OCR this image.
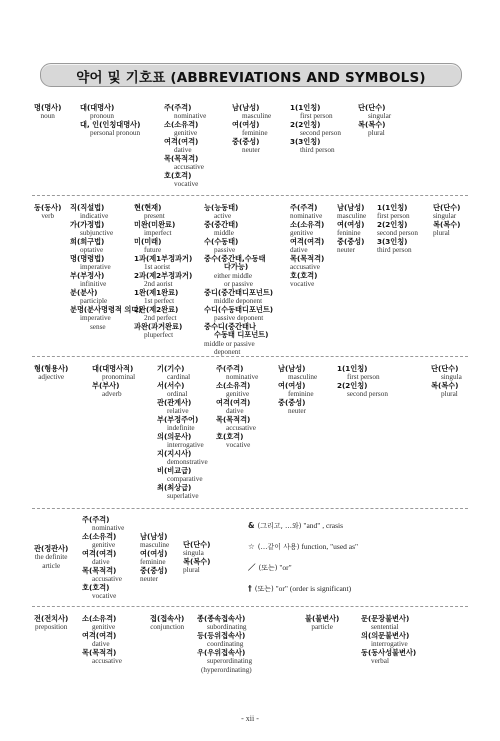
약어 및 기호표 (ABBREVIATIONS AND SYMBOLS)
명(명사)
noun
대(대명사)
pronoun
대, 인(인칭대명사)
personal pronoun
주(주격)
nominative
소(소유격)
genitive
여격(여격)
dative
목(목적격)
accusative
호(호격)
vocative
남(남성)
masculine
여(여성)
feminine
중(중성)
neuter
1(1인칭)
first person
2(2인칭)
second person
3(3인칭)
third person
단(단수)
singular
복(복수)
plural
동(동사)
verb
직(직설법)
indicative
가(가정법)
subjunctive
희(희구법)
optative
명(명령법)
imperative
부(부정사)
infinitive
분(분사)
participle
분명(분사명령적 의미)
imperative
sense
현(현재)
present
미완(미완료)
imperfect
미(미래)
future
1과(제1부정과거)
1st aorist
2과(제2부정과거)
2nd aorist
1완(제1완료)
1st perfect
2완(제2완료)
2nd perfect
과완(과거완료)
pluperfect
능(능동태)
active
중(중간태)
middle
수(수동태)
passive
중수(중간태,수동태
다가능)
either middle
or passive
중디(중간태디포넌트)
middle deponent
수디(수동태디포넌트)
passive deponent
중수디(중간태나
수동태 디포넌트)
middle or passive
deponent
주(주격)
nominative
소(소유격)
genitive
여격(여격)
dative
목(목적격)
accusative
호(호격)
vocative
남(남성)
masculine
여(여성)
feninine
중(중성)
neuter
1(1인칭)
first person
2(2인칭)
second person
3(3인칭)
third person
단(단수)
singular
복(복수)
plural
형(형용사)
adjective
대(대명사적)
pronominal
부(부사)
adverb
기(기수)
cardinal
서(서수)
ordinal
관(관계사)
relative
부(부정주어)
indefinite
의(의문사)
interrogative
지(지시사)
demonstrative
비(비교급)
comparative
최(최상급)
superlative
주(주격)
nominative
소(소유격)
genitive
여격(여격)
dative
목(목적격)
accusative
호(호격)
vocative
남(남성)
masculine
여(여성)
feminine
중(중성)
neuter
1(1인칭)
first person
2(2인칭)
second person
단(단수)
singula
복(복수)
plural
관(정관사)
the definite
article
주(주격)
nominative
소(소유격)
genitive
여격(여격)
dative
목(목적격)
accusative
호(호격)
vocative
남(남성)
masculine
여(여성)
feminine
중(중성)
neuter
단(단수)
singula
복(복수)
plural
& (그리고, …와) "and" , crasis
☆ (…같이 사용) function, "used as"
／ (또는) "or"
† (또는) "or" (order is significant)
전(전치사)
preposition
소(소유격)
genitive
여격(여격)
dative
목(목적격)
accusative
접(접속사)
conjunction
종(종속접속사)
subordinating
등(등위접속사)
coordinating
우(우위접속사)
superordinating
(hyperordinating)
불(불변사)
particle
문(문장불변사)
sentential
의(의문불변사)
interrogative
동(동사성불변사)
verbal
- xii -
